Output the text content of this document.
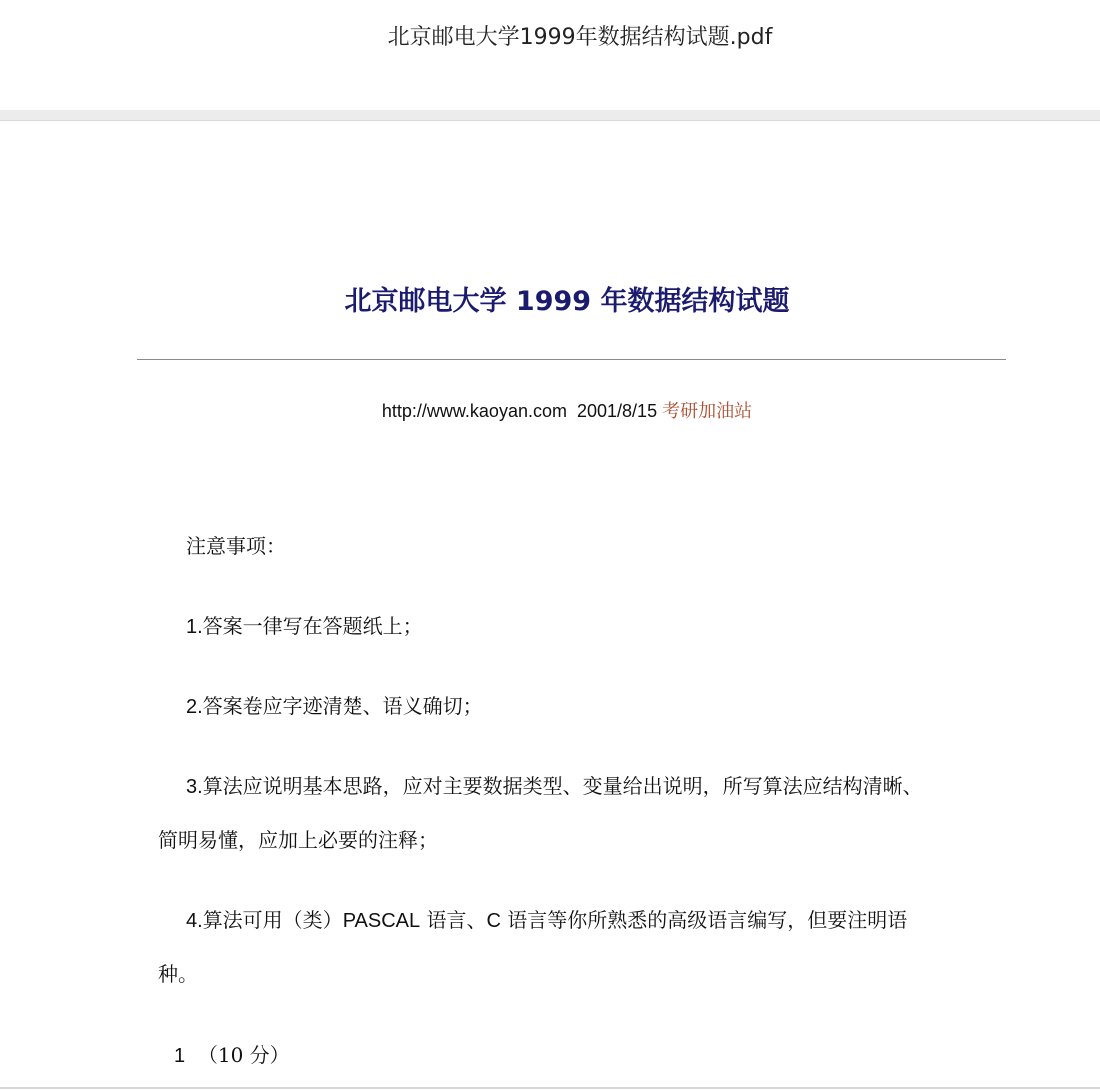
北京邮电大学1999年数据结构试题.pdf
北京邮电大学 1999 年数据结构试题
http://www.kaoyan.com 2001/8/15 考研加油站
注意事项：
1.答案一律写在答题纸上；
2.答案卷应字迹清楚、语义确切；
3.算法应说明基本思路，应对主要数据类型、变量给出说明，所写算法应结构清晰、
简明易懂，应加上必要的注释；
4.算法可用（类）PASCAL 语言、C 语言等你所熟悉的高级语言编写，但要注明语
种。
1 （10 分）
